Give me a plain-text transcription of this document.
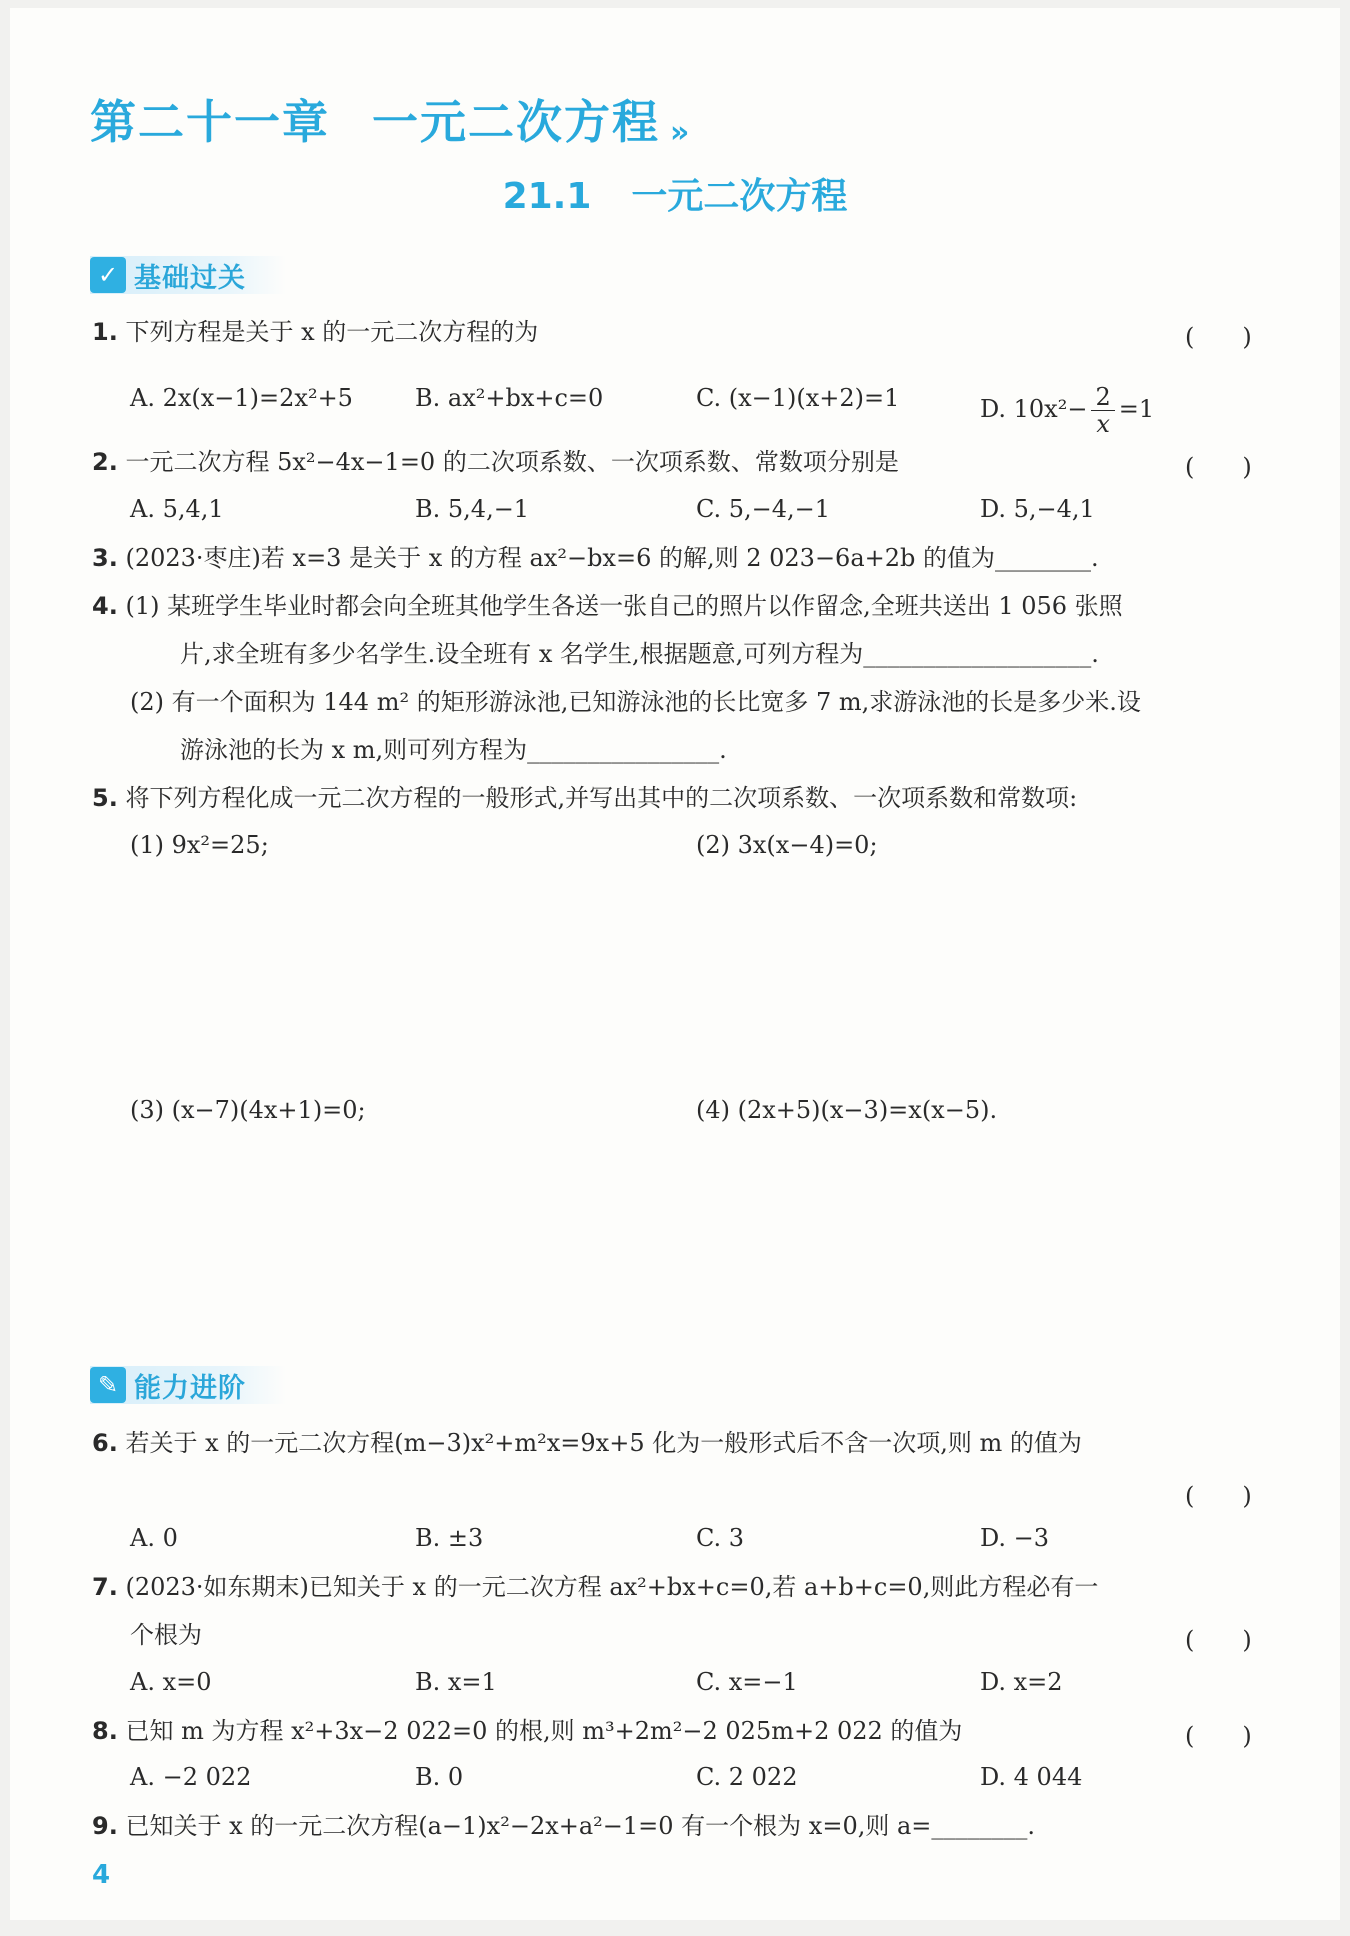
第二十一章 一元二次方程 »
21.1 一元二次方程
✓ 基础过关
1. 下列方程是关于 x 的一元二次方程的为	(　　)
A. 2x(x−1)=2x²+5	B. ax²+bx+c=0	C. (x−1)(x+2)=1	D. $10x^2- \frac{2}{x} =1$
2. 一元二次方程 5x²−4x−1=0 的二次项系数、一次项系数、常数项分别是	(　　)
A. 5,4,1	B. 5,4,−1	C. 5,−4,−1	D. 5,−4,1
3. (2023·枣庄)若 x=3 是关于 x 的方程 ax²−bx=6 的解,则 2 023−6a+2b 的值为________.
4. (1) 某班学生毕业时都会向全班其他学生各送一张自己的照片以作留念,全班共送出 1 056 张照
片,求全班有多少名学生.设全班有 x 名学生,根据题意,可列方程为___________________.
(2) 有一个面积为 144 m² 的矩形游泳池,已知游泳池的长比宽多 7 m,求游泳池的长是多少米.设
游泳池的长为 x m,则可列方程为________________.
5. 将下列方程化成一元二次方程的一般形式,并写出其中的二次项系数、一次项系数和常数项:
(1) 9x²=25;	(2) 3x(x−4)=0;
(3) (x−7)(4x+1)=0;	(4) (2x+5)(x−3)=x(x−5).
✎ 能力进阶
6. 若关于 x 的一元二次方程(m−3)x²+m²x=9x+5 化为一般形式后不含一次项,则 m 的值为
(　　)
A. 0	B. ±3	C. 3	D. −3
7. (2023·如东期末)已知关于 x 的一元二次方程 ax²+bx+c=0,若 a+b+c=0,则此方程必有一
个根为	(　　)
A. x=0	B. x=1	C. x=−1	D. x=2
8. 已知 m 为方程 x²+3x−2 022=0 的根,则 m³+2m²−2 025m+2 022 的值为	(　　)
A. −2 022	B. 0	C. 2 022	D. 4 044
9. 已知关于 x 的一元二次方程(a−1)x²−2x+a²−1=0 有一个根为 x=0,则 a=________.
4
